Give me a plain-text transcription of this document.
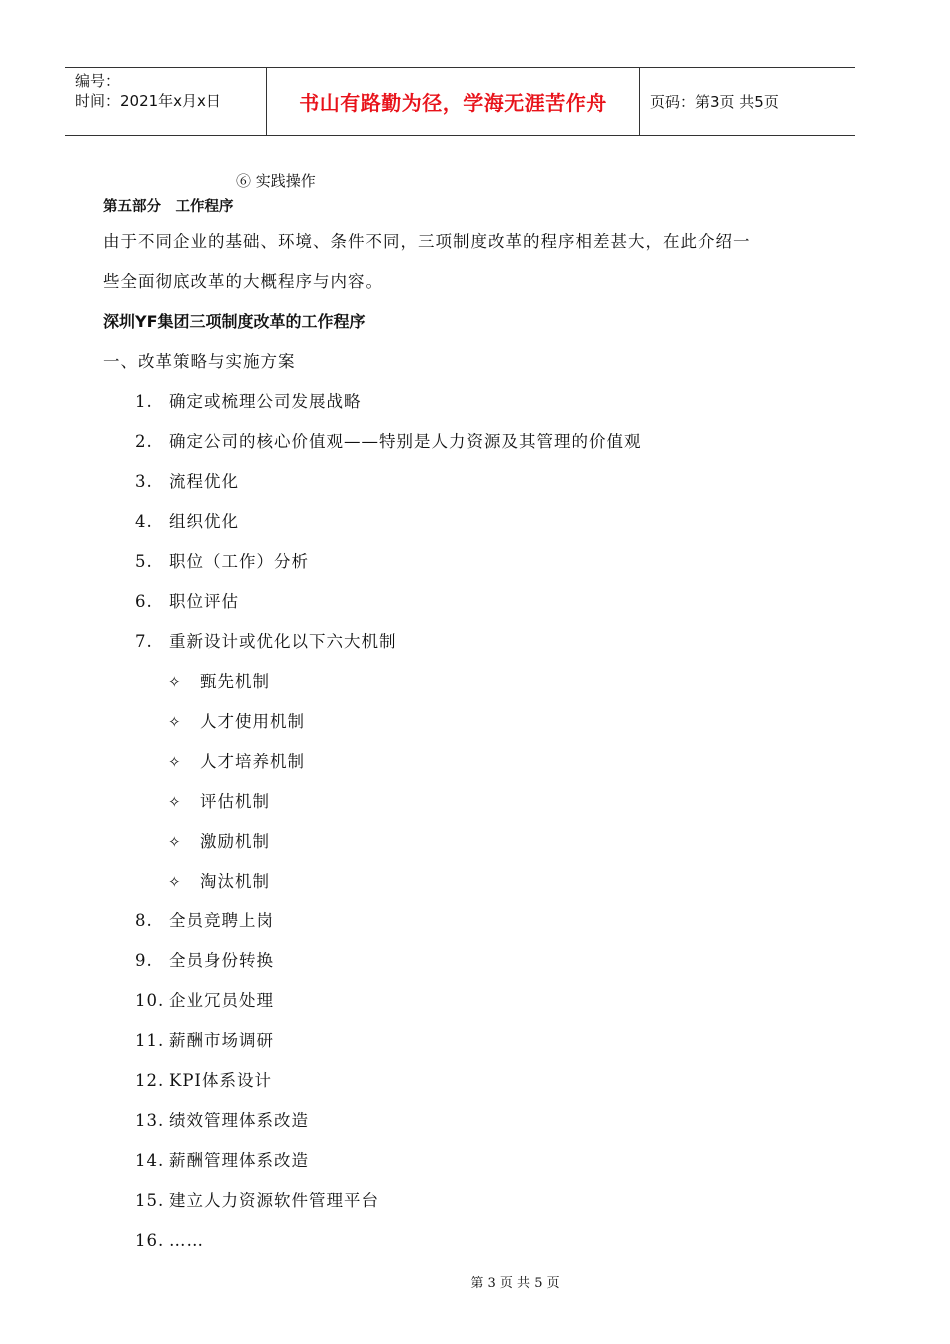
编号：
时间：2021年x月x日	书山有路勤为径，学海无涯苦作舟	页码：第3页 共5页
⑥ 实践操作
第五部分　工作程序
由于不同企业的基础、环境、条件不同，三项制度改革的程序相差甚大，在此介绍一
些全面彻底改革的大概程序与内容。
深圳YF集团三项制度改革的工作程序
一、改革策略与实施方案
1. 确定或梳理公司发展战略
2. 确定公司的核心价值观——特别是人力资源及其管理的价值观
3. 流程优化
4. 组织优化
5. 职位（工作）分析
6. 职位评估
7. 重新设计或优化以下六大机制
✧ 甄先机制
✧ 人才使用机制
✧ 人才培养机制
✧ 评估机制
✧ 激励机制
✧ 淘汰机制
8. 全员竞聘上岗
9. 全员身份转换
10. 企业冗员处理
11. 薪酬市场调研
12. KPI体系设计
13. 绩效管理体系改造
14. 薪酬管理体系改造
15. 建立人力资源软件管理平台
16. ……
第 3 页 共 5 页
